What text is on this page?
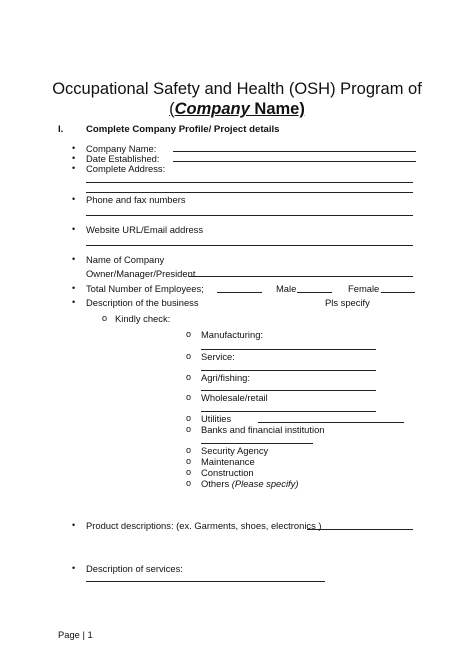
Occupational Safety and Health (OSH) Program of
(Company Name)
I. Complete Company Profile/ Project details
• Company Name:
• Date Established:
• Complete Address:
• Phone and fax numbers
• Website URL/Email address
• Name of Company
Owner/Manager/President
• Total Number of Employees;	Male	Female
• Description of the business	Pls specify
o Kindly check:
o Manufacturing:
o Service:
o Agri/fishing:
o Wholesale/retail
o Utilities
o Banks and financial institution
o Security Agency
o Maintenance
o Construction
o Others (Please specify)
• Product descriptions: (ex. Garments, shoes, electronics )
• Description of services:
Page | 1
